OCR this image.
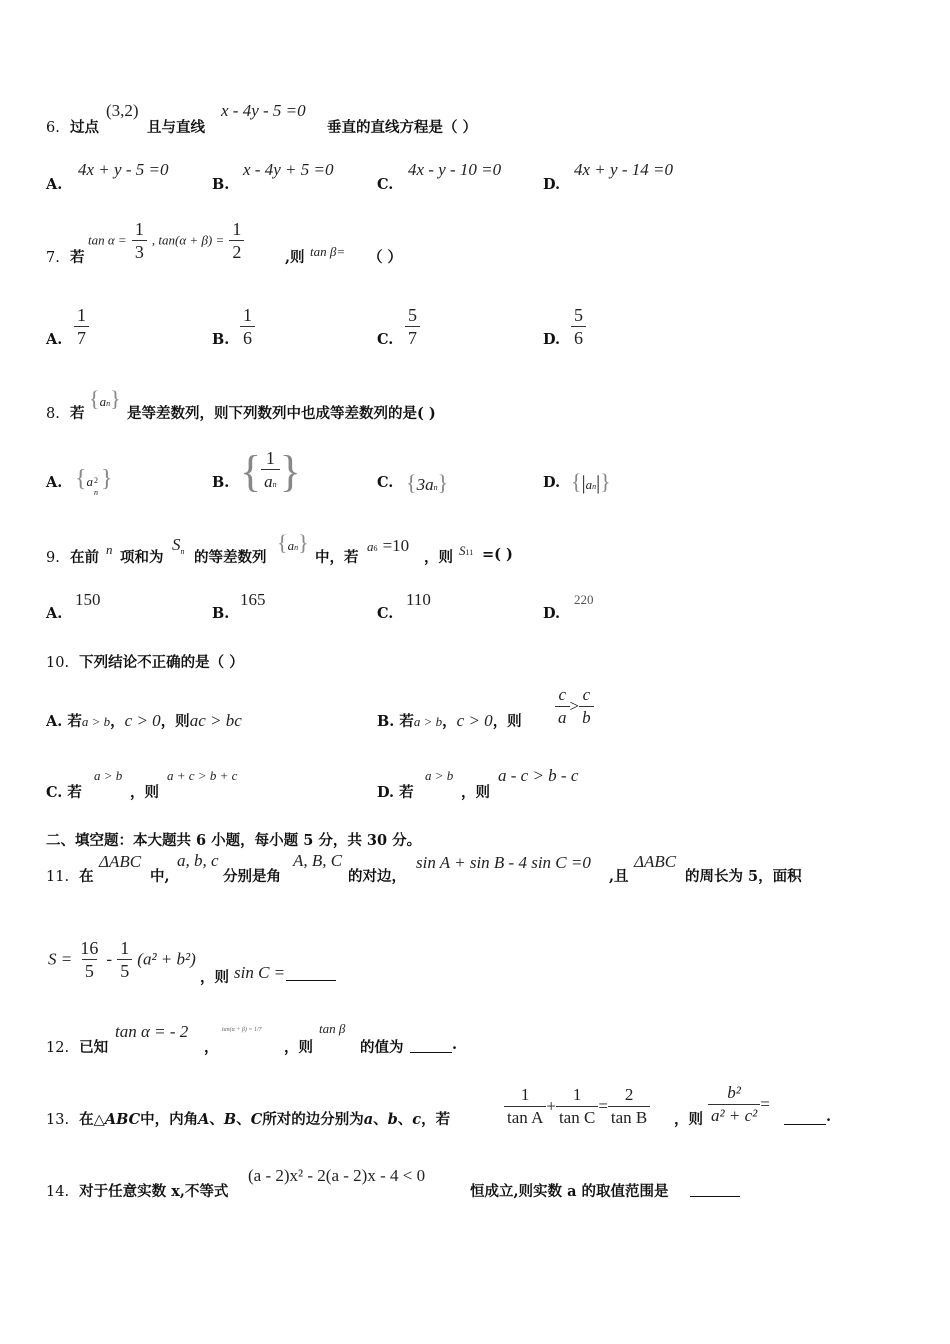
6. 过点
(3,2)
且与直线
x - 4y - 5 =0
垂直的直线方程是（ ）
A.
4x + y - 5 =0
B.
x - 4y + 5 =0
C.
4x - y - 10 =0
D.
4x + y - 14 =0
7. 若
$\tan \alpha = \frac{1}{3}$ , $\tan(\alpha + \beta) = \frac{1}{2}$	,则 tan β= （ ）
A. $\frac{1}{7}$	B. $\frac{1}{6}$	C. $\frac{5}{7}$	D. $\frac{5}{6}$
8. 若
{an}
是等差数列，则下列数列中也成等差数列的是( )
A. {a 2
n
}	B. { $\frac{1}{an}$ }	C. {3an}	D. {|an|}
9. 在前 n 项和为
$S_n$ 的等差数列
{an}
中，若
a6 =10
，则 S11 =( )
A.
150
B.
165
C.
110
D.
220
10. 下列结论不正确的是（ ）
A. 若a > b，c > 0，则ac > bc	B. 若a > b，c > 0，则 $\frac{c}{a} > \frac{c}{b}$
C. 若
a > b
，则
a + c > b + c
D. 若
a > b
，则
a - c > b - c
二、填空题：本大题共 6 小题，每小题 5 分，共 30 分。
11. 在
ΔABC
中,
a, b, c
分别是角
A, B, C
的对边，
sin A + sin B - 4 sin C =0
,且
ΔABC
的周长为 5，面积
$S = \frac{16}{5} - \frac{1}{5} (a^2 + b^2)$
，则 sin C =
12. 已知
tan α = - 2
，
tan(α + β) = 1/7
，则
tan β
的值为	.
13. 在△ABC中，内角A、B、C所对的边分别为a、b、c，若	$\frac{1}{\text{tan A}} + \frac{1}{\text{tan C}} = \frac{2}{\text{tan B}}$ ，则 $\frac{\text{b²}}{\text{a² + c²}}$ =
.
14. 对于任意实数 x,不等式
(a - 2)x² - 2(a - 2)x - 4 < 0
恒成立,则实数 a 的取值范围是
